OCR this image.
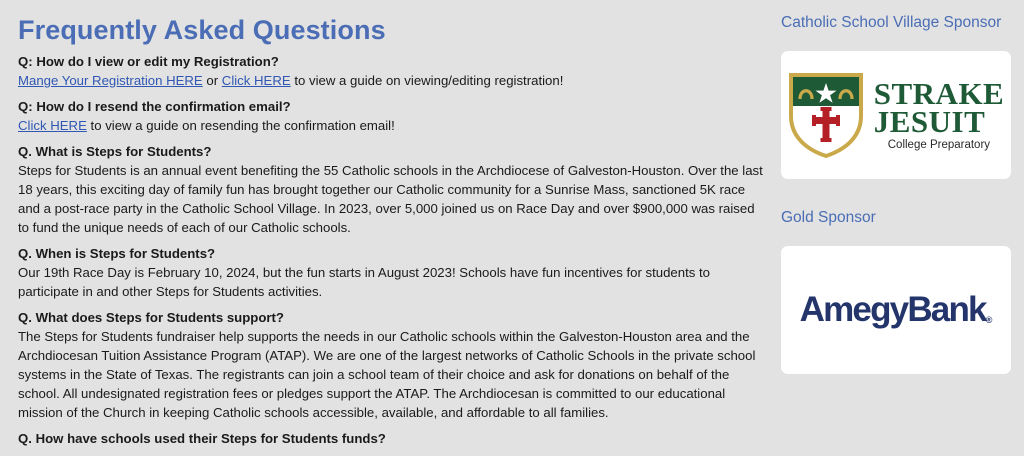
Frequently Asked Questions
Q: How do I view or edit my Registration?
Mange Your Registration HERE or Click HERE to view a guide on viewing/editing registration!
Q: How do I resend the confirmation email?
Click HERE to view a guide on resending the confirmation email!
Q. What is Steps for Students?
Steps for Students is an annual event benefiting the 55 Catholic schools in the Archdiocese of Galveston-Houston. Over the last 18 years, this exciting day of family fun has brought together our Catholic community for a Sunrise Mass, sanctioned 5K race and a post-race party in the Catholic School Village. In 2023, over 5,000 joined us on Race Day and over $900,000 was raised to fund the unique needs of each of our Catholic schools.
Q. When is Steps for Students?
Our 19th Race Day is February 10, 2024, but the fun starts in August 2023! Schools have fun incentives for students to participate in and other Steps for Students activities.
Q. What does Steps for Students support?
The Steps for Students fundraiser help supports the needs in our Catholic schools within the Galveston-Houston area and the Archdiocesan Tuition Assistance Program (ATAP). We are one of the largest networks of Catholic Schools in the private school systems in the State of Texas. The registrants can join a school team of their choice and ask for donations on behalf of the school. All undesignated registration fees or pledges support the ATAP. The Archdiocesan is committed to our educational mission of the Church in keeping Catholic schools accessible, available, and affordable to all families.
Q. How have schools used their Steps for Students funds?
Catholic School Village Sponsor
STRAKE
JESUIT
College Preparatory
Gold Sponsor
AmegyBank®
